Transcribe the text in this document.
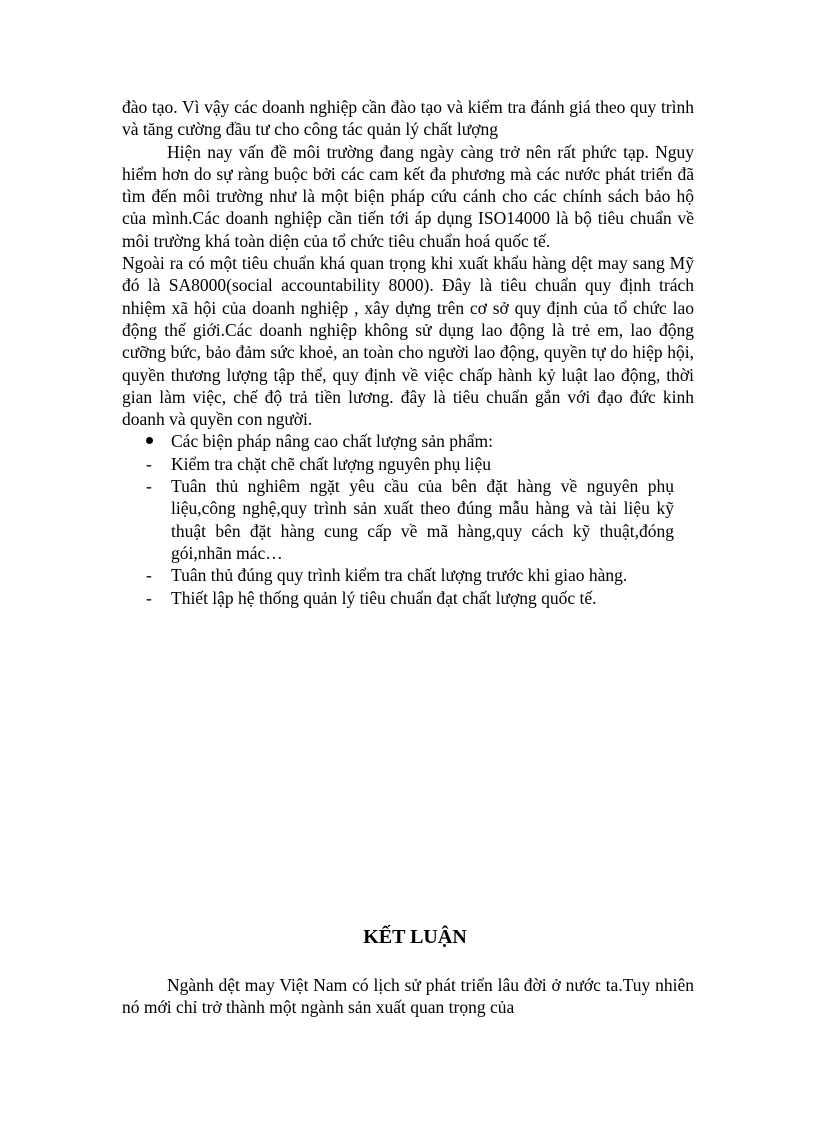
đào tạo. Vì vậy các doanh nghiệp cần đào tạo và kiểm tra đánh giá theo quy trình và tăng cường đầu tư cho công tác quản lý chất lượng

Hiện nay vấn đề môi trường đang ngày càng trở nên rất phức tạp. Nguy hiểm hơn do sự ràng buộc bởi các cam kết đa phương mà các nước phát triển đã tìm đến môi trường như là một biện pháp cứu cánh cho các chính sách bảo hộ của mình.Các doanh nghiệp cần tiến tới áp dụng ISO14000 là bộ tiêu chuẩn về môi trường khá toàn diện của tổ chức tiêu chuẩn hoá quốc tế.

Ngoài ra có một tiêu chuẩn khá quan trọng khi xuất khẩu hàng dệt may sang Mỹ đó là SA8000(social accountability 8000). Đây là tiêu chuẩn quy định trách nhiệm xã hội của doanh nghiệp , xây dựng trên cơ sở quy định của tổ chức lao động thế giới.Các doanh nghiệp không sử dụng lao động là trẻ em, lao động cưỡng bức, bảo đảm sức khoẻ, an toàn cho người lao động, quyền tự do hiệp hội, quyền thương lượng tập thể, quy định về việc chấp hành kỷ luật lao động, thời gian làm việc, chế độ trả tiền lương. đây là tiêu chuẩn gắn với đạo đức kinh doanh và quyền con người.

Các biện pháp nâng cao chất lượng sản phẩm:
-	Kiểm tra chặt chẽ chất lượng nguyên phụ liệu
-	Tuân thủ nghiêm ngặt yêu cầu của bên đặt hàng về nguyên phụ liệu,công nghệ,quy trình sản xuất theo đúng mẫu hàng và tài liệu kỹ thuật bên đặt hàng cung cấp về mã hàng,quy cách kỹ thuật,đóng gói,nhãn mác…
-	Tuân thủ đúng quy trình kiểm tra chất lượng trước khi giao hàng.
-	Thiết lập hệ thống quản lý tiêu chuẩn đạt chất lượng quốc tế.
KẾT LUẬN

Ngành dệt may Việt Nam có lịch sử phát triển lâu đời ở nước ta.Tuy nhiên nó mới chỉ trở thành một ngành sản xuất quan trọng của
